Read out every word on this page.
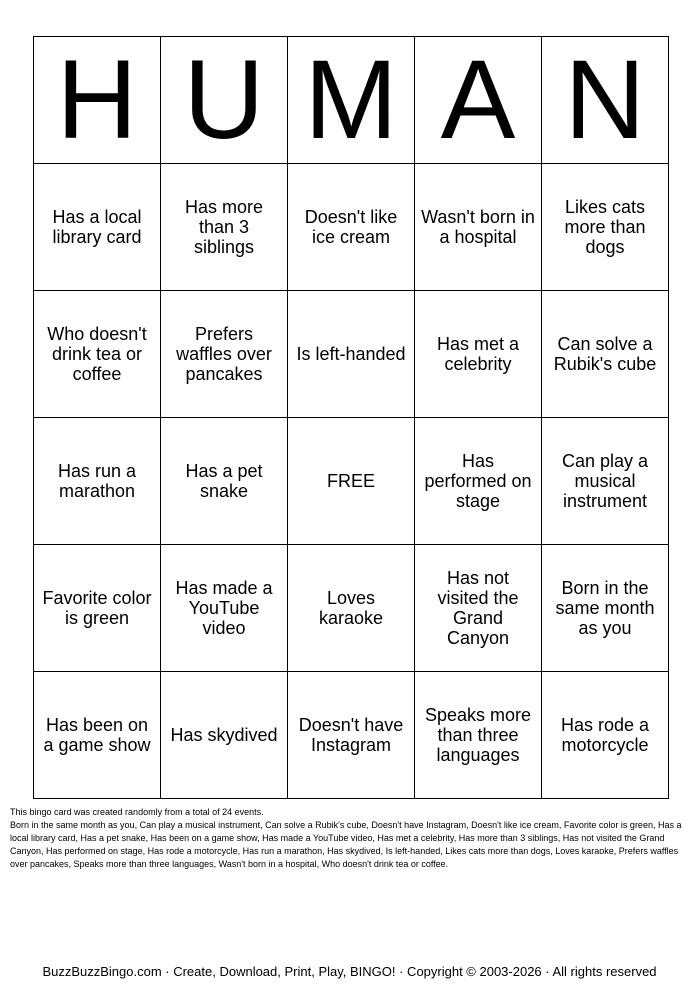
H	U	M	A	N
Has a local library card	Has more than 3 siblings	Doesn't like ice cream	Wasn't born in a hospital	Likes cats more than dogs
Who doesn't drink tea or coffee	Prefers waffles over pancakes	Is left-handed	Has met a celebrity	Can solve a Rubik's cube
Has run a marathon	Has a pet snake	FREE	Has performed on stage	Can play a musical instrument
Favorite color is green	Has made a YouTube video	Loves karaoke	Has not visited the Grand Canyon	Born in the same month as you
Has been on a game show	Has skydived	Doesn't have Instagram	Speaks more than three languages	Has rode a motorcycle

This bingo card was created randomly from a total of 24 events.

Born in the same month as you, Can play a musical instrument, Can solve a Rubik's cube, Doesn't have Instagram, Doesn't like ice cream, Favorite color is green, Has a local library card, Has a pet snake, Has been on a game show, Has made a YouTube video, Has met a celebrity, Has more than 3 siblings, Has not visited the Grand Canyon, Has performed on stage, Has rode a motorcycle, Has run a marathon, Has skydived, Is left-handed, Likes cats more than dogs, Loves karaoke, Prefers waffles over pancakes, Speaks more than three languages, Wasn't born in a hospital, Who doesn't drink tea or coffee.

BuzzBuzzBingo.com · Create, Download, Print, Play, BINGO! · Copyright © 2003-2026 · All rights reserved
